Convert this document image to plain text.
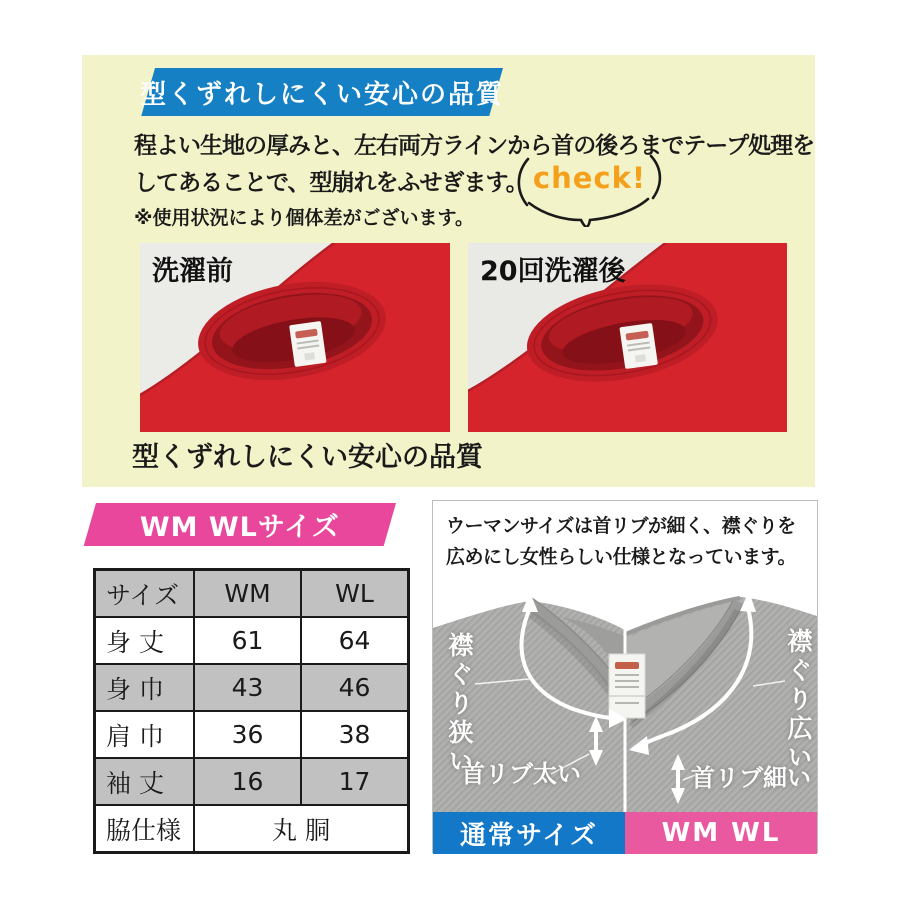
型くずれしにくい安心の品質
程よい生地の厚みと、左右両方ラインから首の後ろまでテープ処理を
してあることで、型崩れをふせぎます。
※使用状況により個体差がございます。
check!
洗濯前	20回洗濯後
型くずれしにくい安心の品質
WM WLサイズ
サイズ	WM	WL
身 丈	61	64
身 巾	43	46
肩 巾	36	38
袖 丈	16	17
脇仕様	丸 胴	
ウーマンサイズは首リブが細く、襟ぐりを
広めにし女性らしい仕様となっています。
襟ぐり狭い	襟ぐり広い
首リブ太い	首リブ細い
通常サイズ WM WL
